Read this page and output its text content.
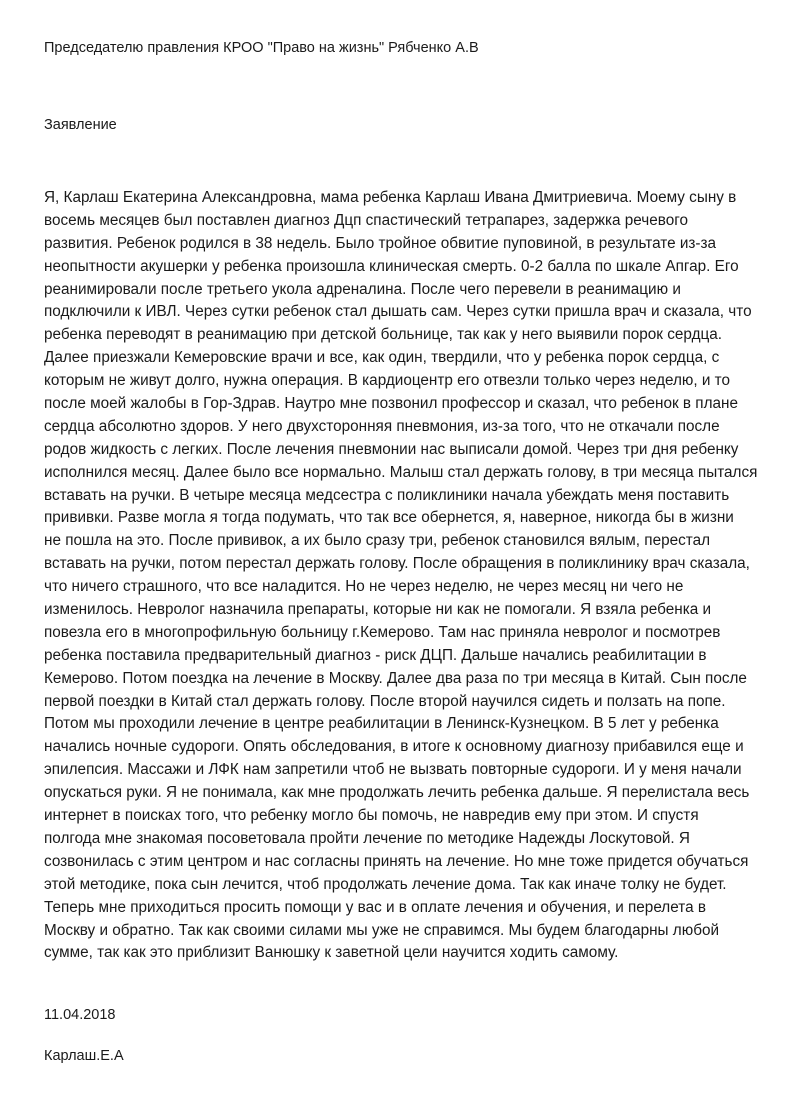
Председателю правления КРОО "Право на жизнь" Рябченко А.В
Заявление
Я, Карлаш Екатерина Александровна, мама ребенка Карлаш Ивана Дмитриевича. Моему сыну в
восемь месяцев был поставлен диагноз Дцп спастический тетрапарез, задержка речевого
развития. Ребенок родился в 38 недель. Было тройное обвитие пуповиной, в результате из-за
неопытности акушерки у ребенка произошла клиническая смерть. 0-2 балла по шкале Апгар. Его
реанимировали после третьего укола адреналина. После чего перевели в реанимацию и
подключили к ИВЛ. Через сутки ребенок стал дышать сам. Через сутки пришла врач и сказала, что
ребенка переводят в реанимацию при детской больнице, так как у него выявили порок сердца.
Далее приезжали Кемеровские врачи и все, как один, твердили, что у ребенка порок сердца, с
которым не живут долго, нужна операция. В кардиоцентр его отвезли только через неделю, и то
после моей жалобы в Гор-Здрав. Наутро мне позвонил профессор и сказал, что ребенок в плане
сердца абсолютно здоров. У него двухсторонняя пневмония, из-за того, что не откачали после
родов жидкость с легких. После лечения пневмонии нас выписали домой. Через три дня ребенку
исполнился месяц. Далее было все нормально. Малыш стал держать голову, в три месяца пытался
вставать на ручки. В четыре месяца медсестра с поликлиники начала убеждать меня поставить
прививки. Разве могла я тогда подумать, что так все обернется, я, наверное, никогда бы в жизни
не пошла на это. После прививок, а их было сразу три, ребенок становился вялым, перестал
вставать на ручки, потом перестал держать голову. После обращения в поликлинику врач сказала,
что ничего страшного, что все наладится. Но не через неделю, не через месяц ни чего не
изменилось. Невролог назначила препараты, которые ни как не помогали. Я взяла ребенка и
повезла его в многопрофильную больницу г.Кемерово. Там нас приняла невролог и посмотрев
ребенка поставила предварительный диагноз - риск ДЦП. Дальше начались реабилитации в
Кемерово. Потом поездка на лечение в Москву. Далее два раза по три месяца в Китай. Сын после
первой поездки в Китай стал держать голову. После второй научился сидеть и ползать на попе.
Потом мы проходили лечение в центре реабилитации в Ленинск-Кузнецком. В 5 лет у ребенка
начались ночные судороги. Опять обследования, в итоге к основному диагнозу прибавился еще и
эпилепсия. Массажи и ЛФК нам запретили чтоб не вызвать повторные судороги. И у меня начали
опускаться руки. Я не понимала, как мне продолжать лечить ребенка дальше. Я перелистала весь
интернет в поисках того, что ребенку могло бы помочь, не навредив ему при этом. И спустя
полгода мне знакомая посоветовала пройти лечение по методике Надежды Лоскутовой. Я
созвонилась с этим центром и нас согласны принять на лечение. Но мне тоже придется обучаться
этой методике, пока сын лечится, чтоб продолжать лечение дома. Так как иначе толку не будет.
Теперь мне приходиться просить помощи у вас и в оплате лечения и обучения, и перелета в
Москву и обратно. Так как своими силами мы уже не справимся. Мы будем благодарны любой
сумме, так как это приблизит Ванюшку к заветной цели научится ходить самому.
11.04.2018
Карлаш.Е.А
